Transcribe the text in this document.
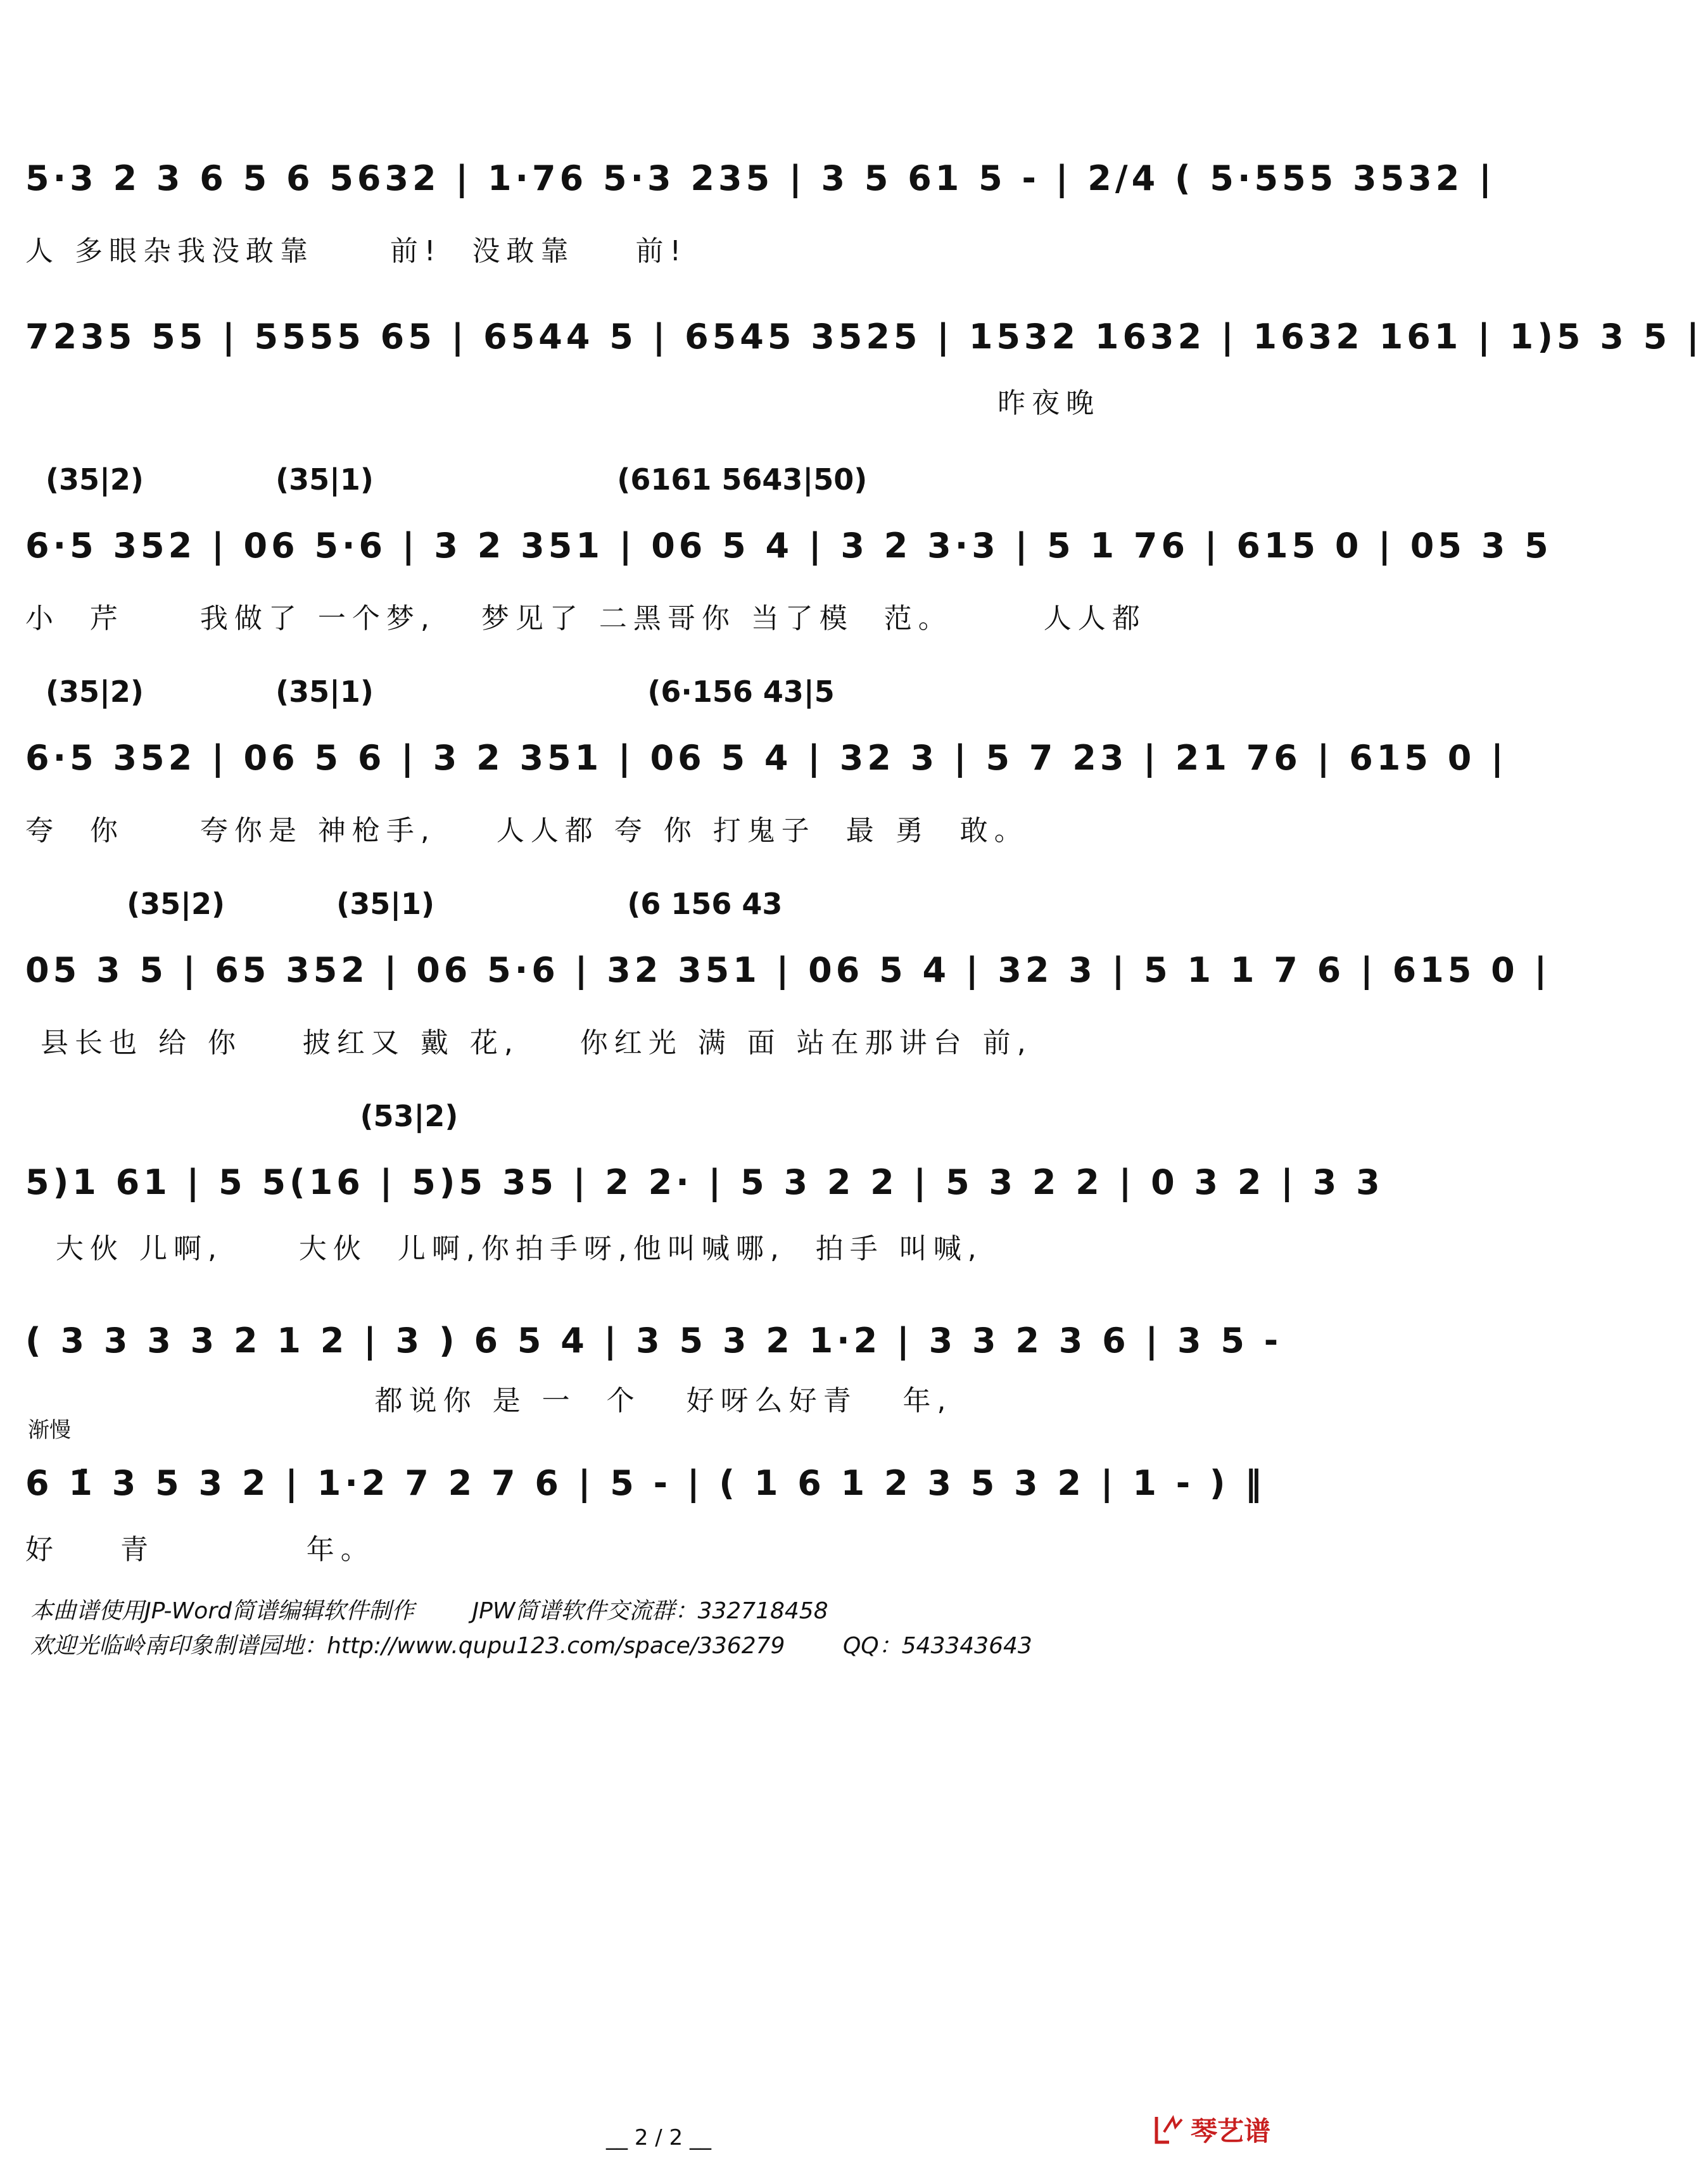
5·3 2 3 6 5 6 5632 | 1·76 5·3 235 | 3 5 61 5 - | 2/4 ( 5·555 3532 |
人 多眼杂我没敢靠     前!  没敢靠    前!
7235 55 | 5555 65 | 6544 5 | 6545 3525 | 1532 1632 | 1632 161 | 1)5 3 5 |
昨夜晚
(35|2)             (35|1)                        (6161 5643|50)
6·5 352 | 06 5·6 | 3 2 351 | 06 5 4 | 3 2 3·3 | 5 1 76 | 615 0 | 05 3 5
小  芹     我做了 一个梦,   梦见了 二黑哥你 当了模  范。      人人都
(35|2)             (35|1)                           (6·156 43|5
6·5 352 | 06 5 6 | 3 2 351 | 06 5 4 | 32 3 | 5 7 23 | 21 76 | 615 0 |
夸  你     夸你是 神枪手,    人人都 夸 你 打鬼子  最 勇  敢。
(35|2)           (35|1)                   (6 156 43
05 3 5 | 65 352 | 06 5·6 | 32 351 | 06 5 4 | 32 3 | 5 1 1 7 6 | 615 0 |
县长也 给 你    披红又 戴 花,    你红光 满 面 站在那讲台 前,
(53|2)
5)1 61 | 5 5(16 | 5)5 35 | 2 2· | 5 3 2 2 | 5 3 2 2 | 0 3 2 | 3 3
大伙 儿啊,     大伙  儿啊,你拍手呀,他叫喊哪,  拍手 叫喊,
( 3 3 3 3 2 1 2 | 3 ) 6 5 4 | 3 5 3 2 1·2 | 3 3 2 3 6 | 3 5 -
都说你 是 一  个   好呀么好青   年,
渐慢
6 1̇ 3 5 3 2 | 1·2 7 2 7 6 | 5 - | ( 1 6 1 2 3 5 3 2 | 1 - ) ‖
好    青          年。
本曲谱使用JP-Word简谱编辑软件制作        JPW简谱软件交流群：332718458
欢迎光临岭南印象制谱园地：http://www.qupu123.com/space/336279        QQ：543343643
__ 2 / 2 __	琴艺谱
